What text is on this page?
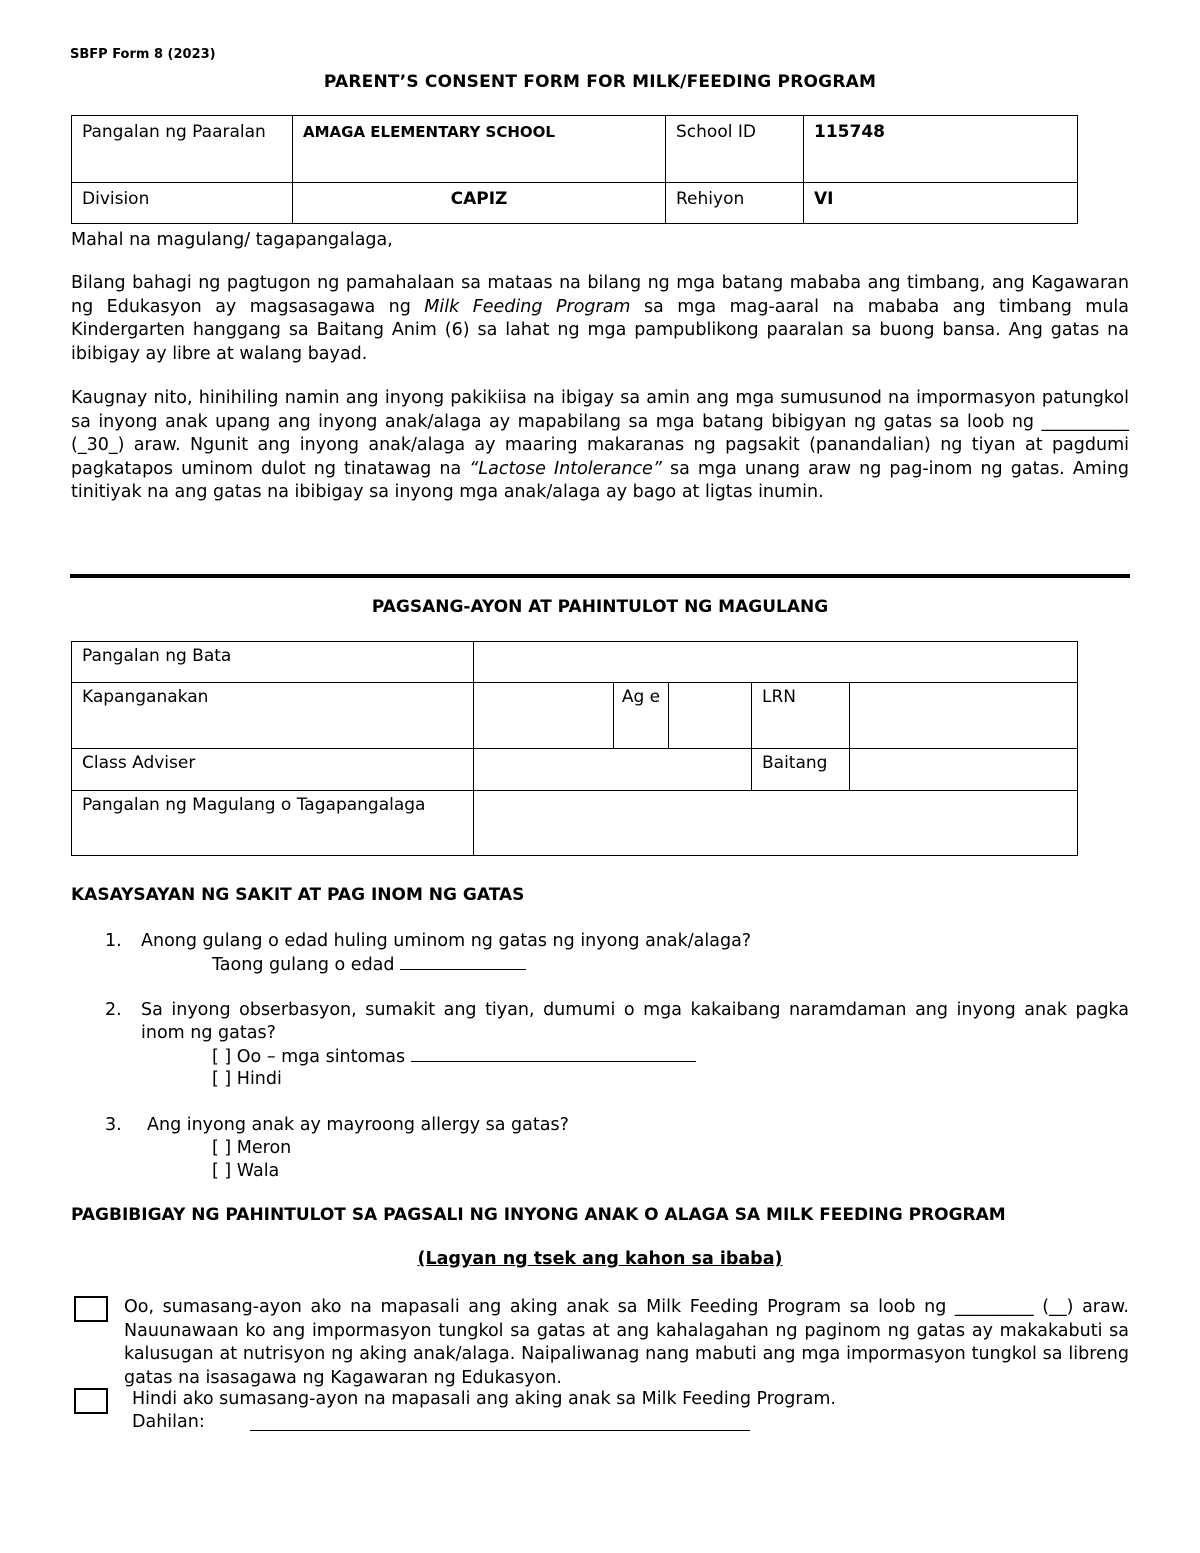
SBFP Form 8 (2023)
PARENT’S CONSENT FORM FOR MILK/FEEDING PROGRAM
Pangalan ng Paaralan	AMAGA ELEMENTARY SCHOOL	School ID	115748
Division	CAPIZ	Rehiyon	VI
Mahal na magulang/ tagapangalaga,
Bilang bahagi ng pagtugon ng pamahalaan sa mataas na bilang ng mga batang mababa ang timbang, ang Kagawaran ng Edukasyon ay magsasagawa ng Milk Feeding Program sa mga mag-aaral na mababa ang timbang mula Kindergarten hanggang sa Baitang Anim (6) sa lahat ng mga pampublikong paaralan sa buong bansa. Ang gatas na ibibigay ay libre at walang bayad.
Kaugnay nito, hinihiling namin ang inyong pakikiisa na ibigay sa amin ang mga sumusunod na impormasyon patungkol sa inyong anak upang ang inyong anak/alaga ay mapabilang sa mga batang bibigyan ng gatas sa loob ng __________ (_30_) araw. Ngunit ang inyong anak/alaga ay maaring makaranas ng pagsakit (panandalian) ng tiyan at pagdumi pagkatapos uminom dulot ng tinatawag na “Lactose Intolerance” sa mga unang araw ng pag-inom ng gatas. Aming tinitiyak na ang gatas na ibibigay sa inyong mga anak/alaga ay bago at ligtas inumin.
PAGSANG-AYON AT PAHINTULOT NG MAGULANG
Pangalan ng Bata					
Kapanganakan		Ag e		LRN	
Class Adviser				Baitang	
Pangalan ng Magulang o Tagapangalaga					
KASAYSAYAN NG SAKIT AT PAG INOM NG GATAS
1. Anong gulang o edad huling uminom ng gatas ng inyong anak/alaga?
Taong gulang o edad
2. Sa inyong obserbasyon, sumakit ang tiyan, dumumi o mga kakaibang naramdaman ang inyong anak pagka inom ng gatas?
[ ] Oo – mga sintomas
[ ] Hindi
3. Ang inyong anak ay mayroong allergy sa gatas?
[ ] Meron
[ ] Wala
PAGBIBIGAY NG PAHINTULOT SA PAGSALI NG INYONG ANAK O ALAGA SA MILK FEEDING PROGRAM
(Lagyan ng tsek ang kahon sa ibaba)
Oo, sumasang-ayon ako na mapasali ang aking anak sa Milk Feeding Program sa loob ng _________ (__) araw. Nauunawaan ko ang impormasyon tungkol sa gatas at ang kahalagahan ng paginom ng gatas ay makakabuti sa kalusugan at nutrisyon ng aking anak/alaga. Naipaliwanag nang mabuti ang mga impormasyon tungkol sa libreng gatas na isasagawa ng Kagawaran ng Edukasyon.
Hindi ako sumasang-ayon na mapasali ang aking anak sa Milk Feeding Program.
Dahilan:
